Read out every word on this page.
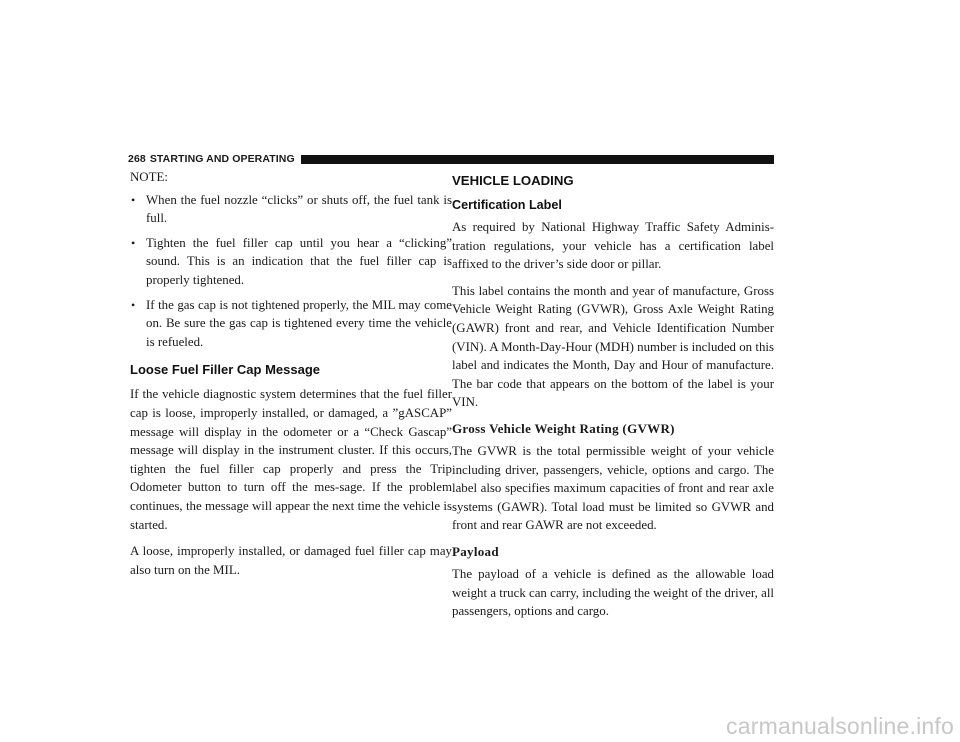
268 STARTING AND OPERATING

NOTE:

• When the fuel nozzle “clicks” or shuts off, the fuel tank is full.
• Tighten the fuel filler cap until you hear a “clicking” sound. This is an indication that the fuel filler cap is properly tightened.
• If the gas cap is not tightened properly, the MIL may come on. Be sure the gas cap is tightened every time the vehicle is refueled.
Loose Fuel Filler Cap Message

If the vehicle diagnostic system determines that the fuel filler cap is loose, improperly installed, or damaged, a ”gASCAP” message will display in the odometer or a “Check Gascap” message will display in the instrument cluster. If this occurs, tighten the fuel filler cap properly and press the Trip Odometer button to turn off the mes-sage. If the problem continues, the message will appear the next time the vehicle is started.

A loose, improperly installed, or damaged fuel filler cap may also turn on the MIL.

VEHICLE LOADING
Certification Label

As required by National Highway Traffic Safety Adminis-tration regulations, your vehicle has a certification label affixed to the driver’s side door or pillar.

This label contains the month and year of manufacture, Gross Vehicle Weight Rating (GVWR), Gross Axle Weight Rating (GAWR) front and rear, and Vehicle Identification Number (VIN). A Month-Day-Hour (MDH) number is included on this label and indicates the Month, Day and Hour of manufacture. The bar code that appears on the bottom of the label is your VIN.

Gross Vehicle Weight Rating (GVWR)

The GVWR is the total permissible weight of your vehicle including driver, passengers, vehicle, options and cargo. The label also specifies maximum capacities of front and rear axle systems (GAWR). Total load must be limited so GVWR and front and rear GAWR are not exceeded.

Payload

The payload of a vehicle is defined as the allowable load weight a truck can carry, including the weight of the driver, all passengers, options and cargo.

carmanualsonline.info
